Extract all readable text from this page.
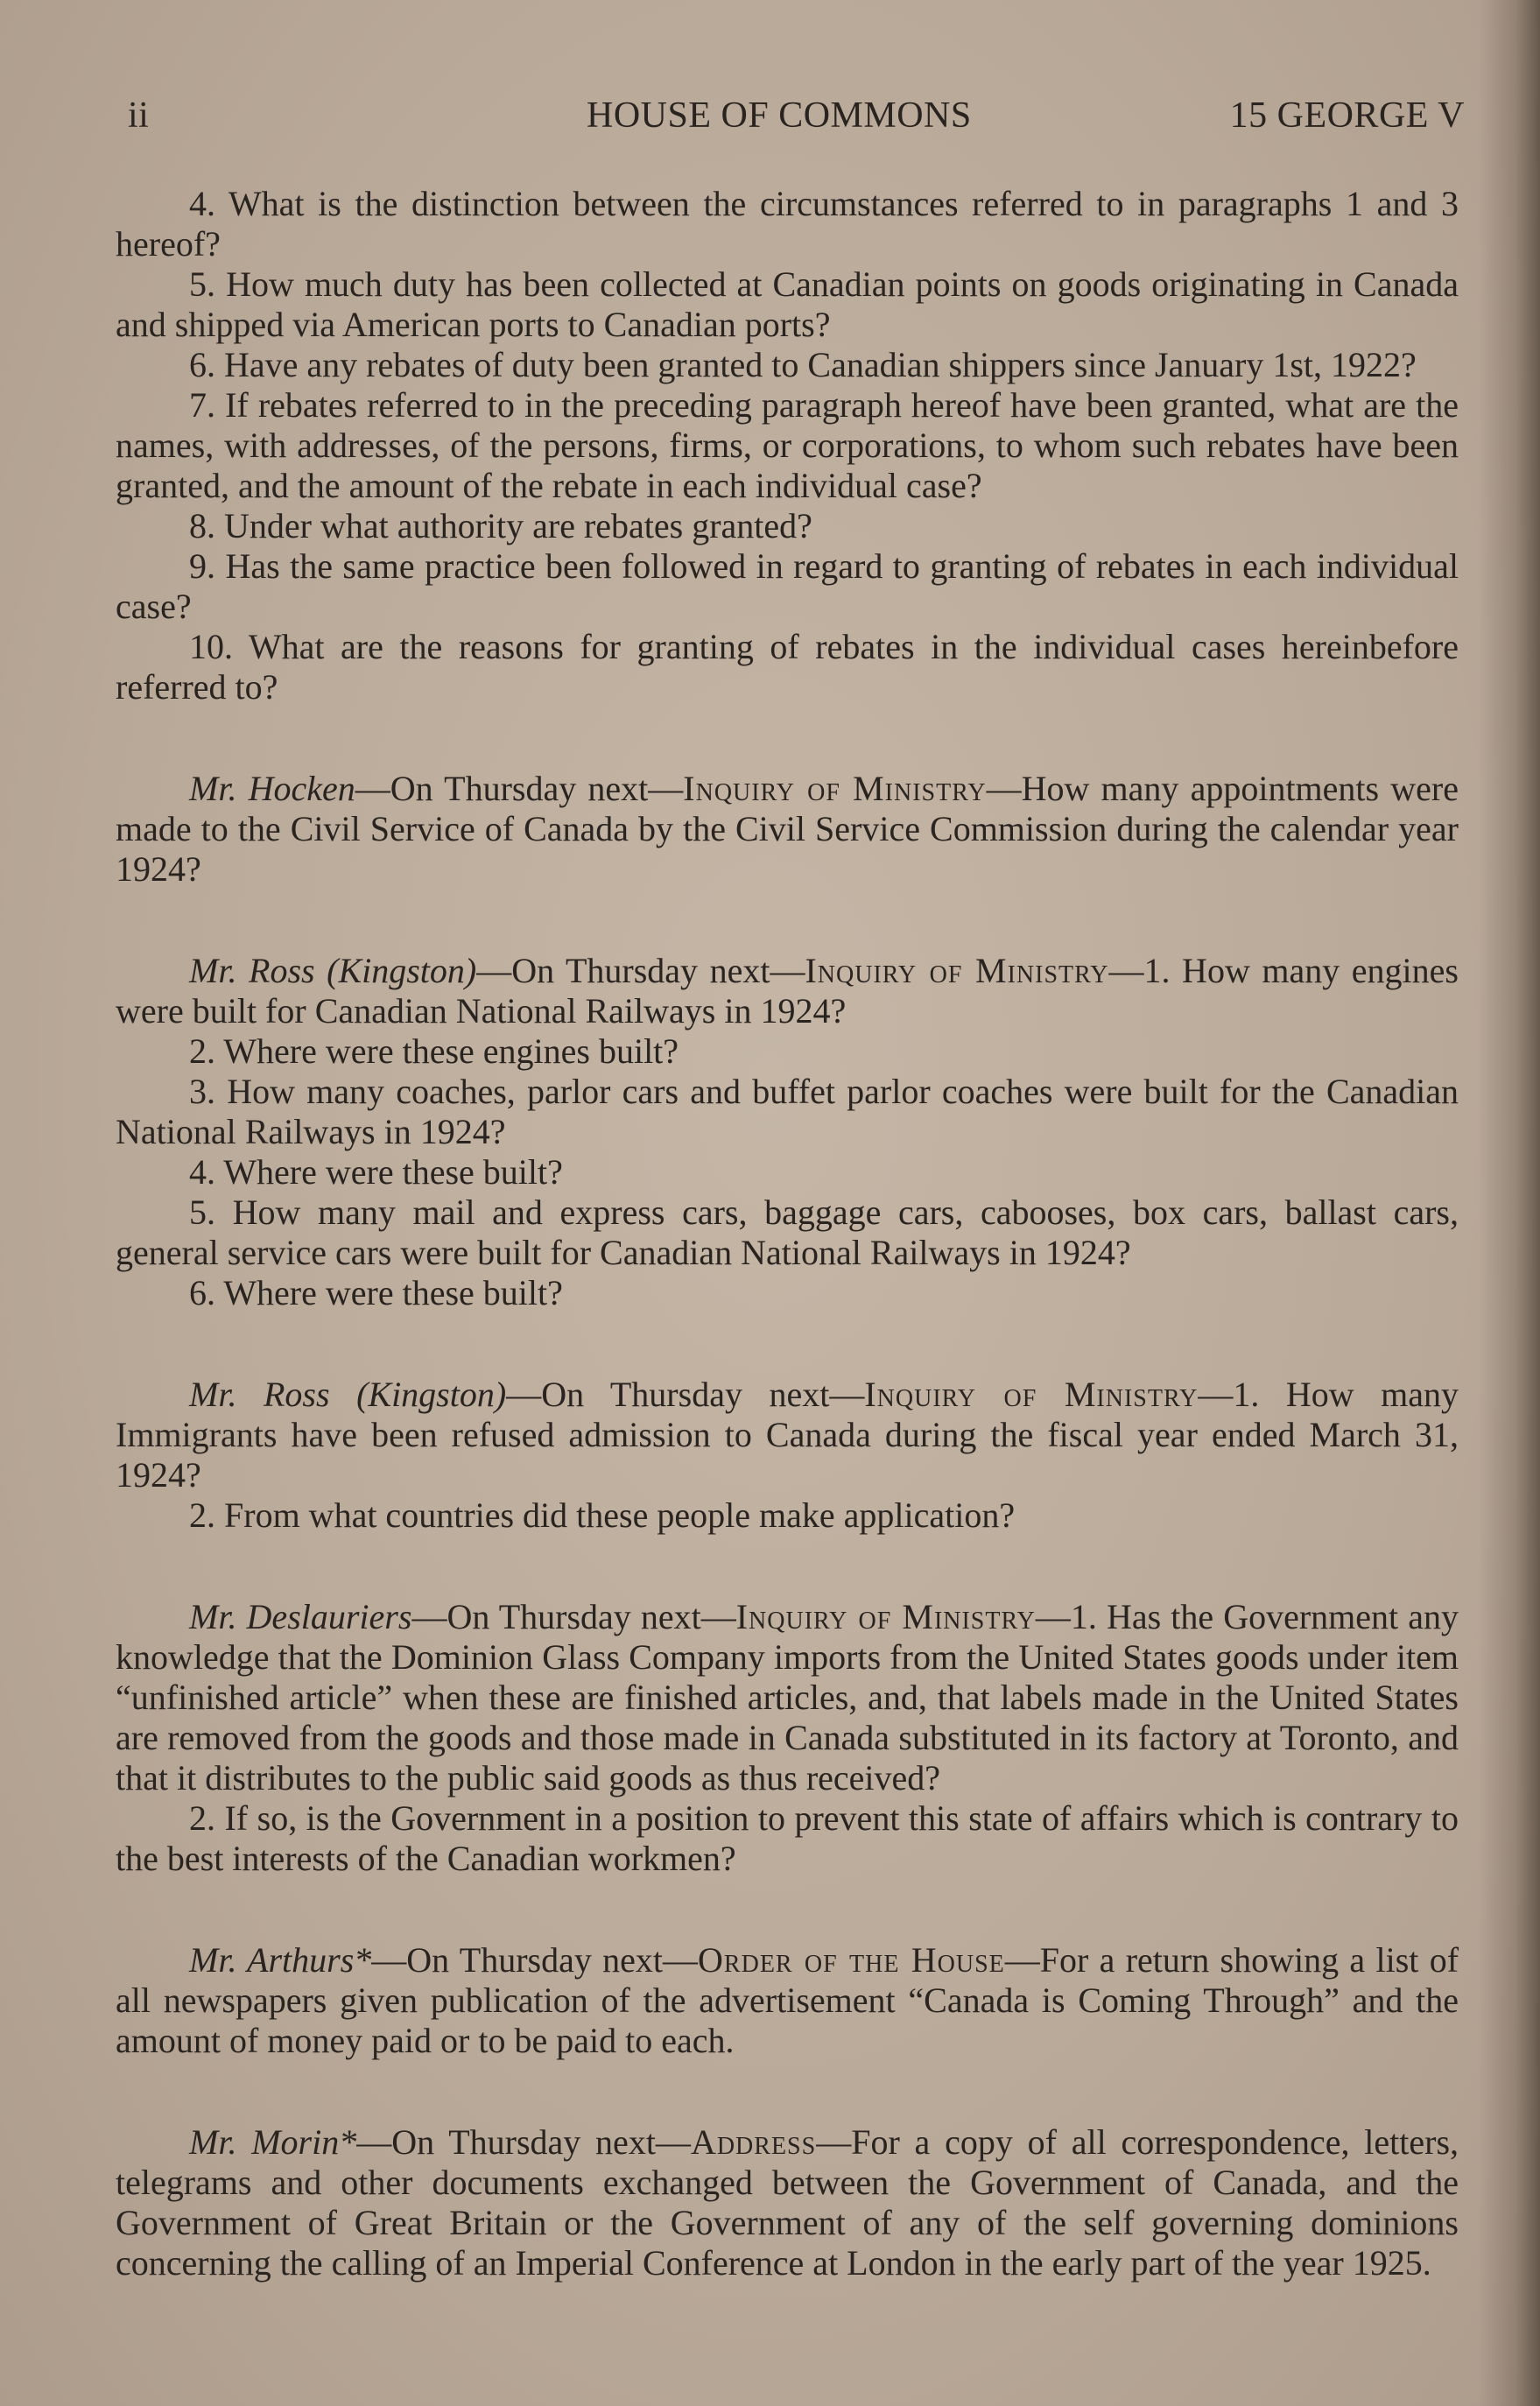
ii	HOUSE OF COMMONS	15 GEORGE V

4. What is the distinction between the circumstances referred to in paragraphs 1 and 3 hereof?

5. How much duty has been collected at Canadian points on goods originating in Canada and shipped via American ports to Canadian ports?

6. Have any rebates of duty been granted to Canadian shippers since January 1st, 1922?

7. If rebates referred to in the preceding paragraph hereof have been granted, what are the names, with addresses, of the persons, firms, or corporations, to whom such rebates have been granted, and the amount of the rebate in each individual case?

8. Under what authority are rebates granted?

9. Has the same practice been followed in regard to granting of rebates in each individual case?

10. What are the reasons for granting of rebates in the individual cases hereinbefore referred to?

Mr. Hocken—On Thursday next—Inquiry of Ministry—How many appointments were made to the Civil Service of Canada by the Civil Service Commission during the calendar year 1924?

Mr. Ross (Kingston)—On Thursday next—Inquiry of Ministry—1. How many engines were built for Canadian National Railways in 1924?

2. Where were these engines built?

3. How many coaches, parlor cars and buffet parlor coaches were built for the Canadian National Railways in 1924?

4. Where were these built?

5. How many mail and express cars, baggage cars, cabooses, box cars, ballast cars, general service cars were built for Canadian National Railways in 1924?

6. Where were these built?

Mr. Ross (Kingston)—On Thursday next—Inquiry of Ministry—1. How many Immigrants have been refused admission to Canada during the fiscal year ended March 31, 1924?

2. From what countries did these people make application?

Mr. Deslauriers—On Thursday next—Inquiry of Ministry—1. Has the Government any knowledge that the Dominion Glass Company imports from the United States goods under item “unfinished article” when these are finished articles, and, that labels made in the United States are removed from the goods and those made in Canada substituted in its factory at Toronto, and that it distributes to the public said goods as thus received?

2. If so, is the Government in a position to prevent this state of affairs which is contrary to the best interests of the Canadian workmen?

Mr. Arthurs*—On Thursday next—Order of the House—For a return showing a list of all newspapers given publication of the advertisement “Canada is Coming Through” and the amount of money paid or to be paid to each.

Mr. Morin*—On Thursday next—Address—For a copy of all correspondence, letters, telegrams and other documents exchanged between the Government of Canada, and the Government of Great Britain or the Government of any of the self governing dominions concerning the calling of an Imperial Conference at London in the early part of the year 1925.
